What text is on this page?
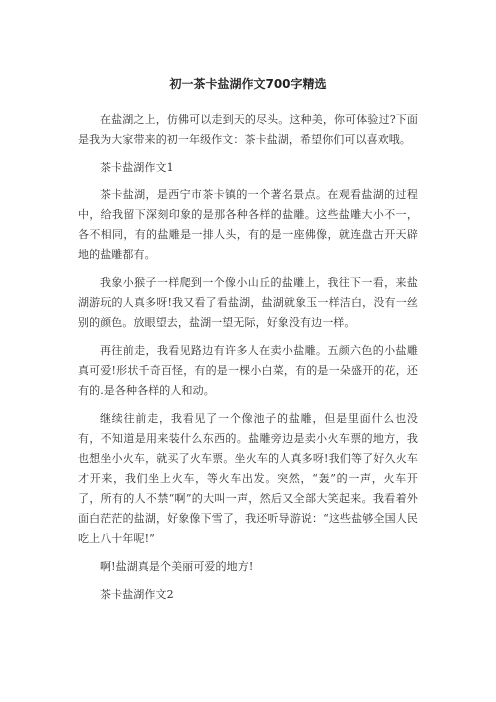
初一茶卡盐湖作文700字精选

在盐湖之上，仿佛可以走到天的尽头。这种美，你可体验过?下面是我为大家带来的初一年级作文：茶卡盐湖，希望你们可以喜欢哦。

茶卡盐湖作文1

茶卡盐湖，是西宁市茶卡镇的一个著名景点。在观看盐湖的过程中，给我留下深刻印象的是那各种各样的盐雕。这些盐雕大小不一，各不相同，有的盐雕是一排人头，有的是一座佛像，就连盘古开天辟地的盐雕都有。

我象小猴子一样爬到一个像小山丘的盐雕上，我往下一看，来盐湖游玩的人真多呀!我又看了看盐湖，盐湖就象玉一样洁白，没有一丝别的颜色。放眼望去，盐湖一望无际，好象没有边一样。

再往前走，我看见路边有许多人在卖小盐雕。五颜六色的小盐雕真可爱!形状千奇百怪，有的是一棵小白菜，有的是一朵盛开的花，还有的.是各种各样的人和动。

继续往前走，我看见了一个像池子的盐雕，但是里面什么也没有，不知道是用来装什么东西的。盐雕旁边是卖小火车票的地方，我也想坐小火车，就买了火车票。坐火车的人真多呀!我们等了好久火车才开来，我们坐上火车，等火车出发。突然，“轰”的一声，火车开了，所有的人不禁“啊”的大叫一声，然后又全部大笑起来。我看着外面白茫茫的盐湖，好象像下雪了，我还听导游说：“这些盐够全国人民吃上八十年呢!”

啊!盐湖真是个美丽可爱的地方!

茶卡盐湖作文2
